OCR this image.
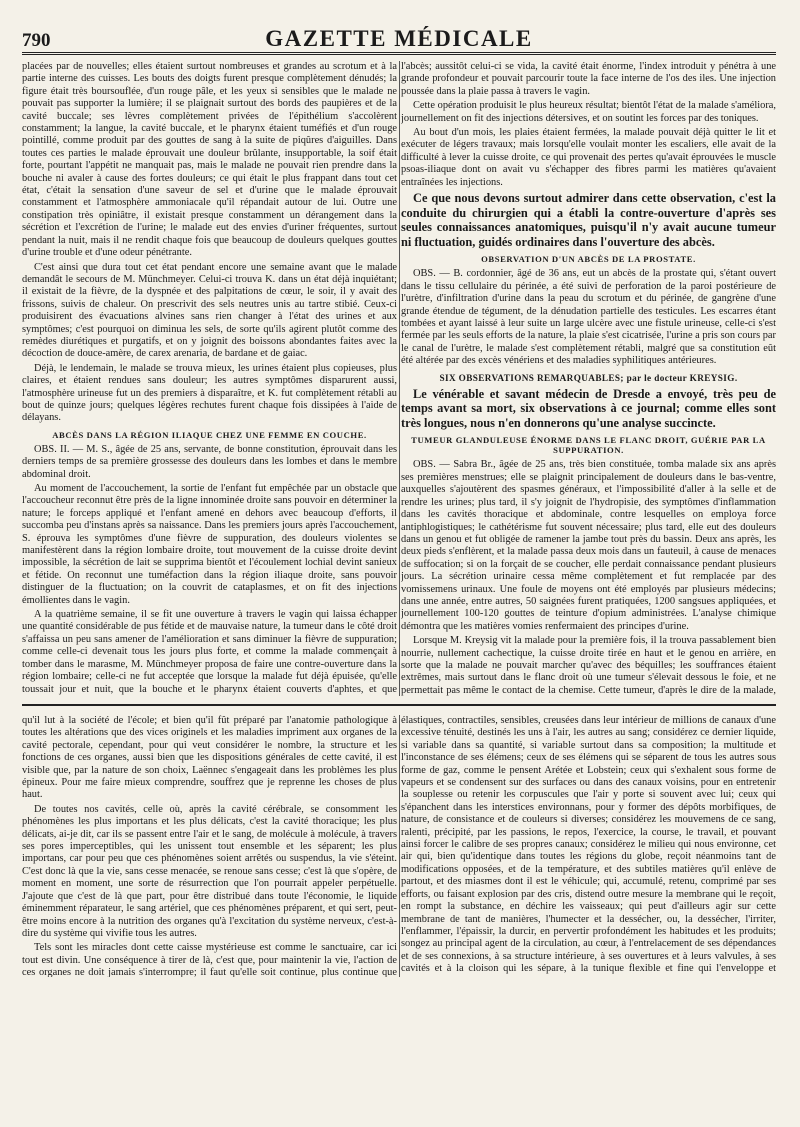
790	GAZETTE MÉDICALE

placées par de nouvelles; elles étaient surtout nombreuses et grandes au scrotum et à la partie interne des cuisses. Les bouts des doigts furent presque complètement dénudés; la figure était très boursouflée, d'un rouge pâle, et les yeux si sensibles que le malade ne pouvait pas supporter la lumière; il se plaignait surtout des bords des paupières et de la cavité buccale; ses lèvres complètement privées de l'épithélium s'accolèrent constamment; la langue, la cavité buccale, et le pharynx étaient tuméfiés et d'un rouge pointillé, comme produit par des gouttes de sang à la suite de piqûres d'aiguilles. Dans toutes ces parties le malade éprouvait une douleur brûlante, insupportable, la soif était forte, pourtant l'appétit ne manquait pas, mais le malade ne pouvait rien prendre dans la bouche ni avaler à cause des fortes douleurs; ce qui était le plus frappant dans tout cet état, c'était la sensation d'une saveur de sel et d'urine que le malade éprouvait constamment et l'atmosphère ammoniacale qu'il répandait autour de lui. Outre une constipation très opiniâtre, il existait presque constamment un dérangement dans la sécrétion et l'excrétion de l'urine; le malade eut des envies d'uriner fréquentes, surtout pendant la nuit, mais il ne rendit chaque fois que beaucoup de douleurs quelques gouttes d'urine trouble et d'une odeur pénétrante.

C'est ainsi que dura tout cet état pendant encore une semaine avant que le malade demandât le secours de M. Münchmeyer. Celui-ci trouva K. dans un état déjà inquiétant; il existait de la fièvre, de la dyspnée et des palpitations de cœur, le soir, il y avait des frissons, suivis de chaleur. On prescrivit des sels neutres unis au tartre stibié. Ceux-ci produisirent des évacuations alvines sans rien changer à l'état des urines et aux symptômes; c'est pourquoi on diminua les sels, de sorte qu'ils agirent plutôt comme des remèdes diurétiques et purgatifs, et on y joignit des boissons abondantes faites avec la décoction de douce-amère, de carex arenaria, de bardane et de gaiac.

Déjà, le lendemain, le malade se trouva mieux, les urines étaient plus copieuses, plus claires, et étaient rendues sans douleur; les autres symptômes disparurent aussi, l'atmosphère urineuse fut un des premiers à disparaître, et K. fut complètement rétabli au bout de quinze jours; quelques légères rechutes furent chaque fois dissipées à l'aide de délayans.

ABCÈS DANS LA RÉGION ILIAQUE CHEZ UNE FEMME EN COUCHE.

OBS. II. — M. S., âgée de 25 ans, servante, de bonne constitution, éprouvait dans les derniers temps de sa première grossesse des douleurs dans les lombes et dans le membre abdominal droit.

Au moment de l'accouchement, la sortie de l'enfant fut empêchée par un obstacle que l'accoucheur reconnut être près de la ligne innominée droite sans pouvoir en déterminer la nature; le forceps appliqué et l'enfant amené en dehors avec beaucoup d'efforts, il succomba peu d'instans après sa naissance. Dans les premiers jours après l'accouchement, S. éprouva les symptômes d'une fièvre de suppuration, des douleurs violentes se manifestèrent dans la région lombaire droite, tout mouvement de la cuisse droite devint impossible, la sécrétion de lait se supprima bientôt et l'écoulement lochial devint sanieux et fétide. On reconnut une tuméfaction dans la région iliaque droite, sans pouvoir distinguer de la fluctuation; on la couvrit de cataplasmes, et on fit des injections émollientes dans le vagin.

A la quatrième semaine, il se fit une ouverture à travers le vagin qui laissa échapper une quantité considérable de pus fétide et de mauvaise nature, la tumeur dans le côté droit s'affaissa un peu sans amener de l'amélioration et sans diminuer la fièvre de suppuration; comme celle-ci devenait tous les jours plus forte, et comme la malade commençait à tomber dans le marasme, M. Münchmeyer proposa de faire une contre-ouverture dans la région lombaire; celle-ci ne fut acceptée que lorsque la malade fut déjà épuisée, qu'elle toussait jour et nuit, que la bouche et le pharynx étaient couverts d'aphtes, et que

l'abcès; aussitôt celui-ci se vida, la cavité était énorme, l'index introduit y pénétra à une grande profondeur et pouvait parcourir toute la face interne de l'os des iles. Une injection poussée dans la plaie passa à travers le vagin.

Cette opération produisit le plus heureux résultat; bientôt l'état de la malade s'améliora, journellement on fit des injections détersives, et on soutint les forces par des toniques.

Au bout d'un mois, les plaies étaient fermées, la malade pouvait déjà quitter le lit et exécuter de légers travaux; mais lorsqu'elle voulait monter les escaliers, elle avait de la difficulté à lever la cuisse droite, ce qui provenait des pertes qu'avait éprouvées le muscle psoas-iliaque dont on avait vu s'échapper des fibres parmi les matières qu'avaient entraînées les injections.

Ce que nous devons surtout admirer dans cette observation, c'est la conduite du chirurgien qui a établi la contre-ouverture d'après ses seules connaissances anatomiques, puisqu'il n'y avait aucune tumeur ni fluctuation, guidés ordinaires dans l'ouverture des abcès.

OBSERVATION D'UN ABCÈS DE LA PROSTATE.

OBS. — B. cordonnier, âgé de 36 ans, eut un abcès de la prostate qui, s'étant ouvert dans le tissu cellulaire du périnée, a été suivi de perforation de la paroi postérieure de l'urètre, d'infiltration d'urine dans la peau du scrotum et du périnée, de gangrène d'une grande étendue de tégument, de la dénudation partielle des testicules. Les escarres étant tombées et ayant laissé à leur suite un large ulcère avec une fistule urineuse, celle-ci s'est fermée par les seuls efforts de la nature, la plaie s'est cicatrisée, l'urine a pris son cours par le canal de l'urètre, le malade s'est complètement rétabli, malgré que sa constitution eût été altérée par des excès vénériens et des maladies syphilitiques antérieures.

SIX OBSERVATIONS REMARQUABLES; par le docteur KREYSIG.

Le vénérable et savant médecin de Dresde a envoyé, très peu de temps avant sa mort, six observations à ce journal; comme elles sont très longues, nous n'en donnerons qu'une analyse succincte.

TUMEUR GLANDULEUSE ÉNORME DANS LE FLANC DROIT, GUÉRIE PAR LA SUPPURATION.

OBS. — Sabra Br., âgée de 25 ans, très bien constituée, tomba malade six ans après ses premières menstrues; elle se plaignit principalement de douleurs dans le bas-ventre, auxquelles s'ajoutèrent des spasmes généraux, et l'impossibilité d'aller à la selle et de rendre les urines; plus tard, il s'y joignit de l'hydropisie, des symptômes d'inflammation dans les cavités thoracique et abdominale, contre lesquelles on employa force antiphlogistiques; le cathétérisme fut souvent nécessaire; plus tard, elle eut des douleurs dans un genou et fut obligée de ramener la jambe tout près du bassin. Deux ans après, les deux pieds s'enflèrent, et la malade passa deux mois dans un fauteuil, à cause de menaces de suffocation; si on la forçait de se coucher, elle perdait connaissance pendant plusieurs jours. La sécrétion urinaire cessa même complètement et fut remplacée par des vomissemens urinaux. Une foule de moyens ont été employés par plusieurs médecins; dans une année, entre autres, 50 saignées furent pratiquées, 1200 sangsues appliquées, et journellement 100-120 gouttes de teinture d'opium administrées. L'analyse chimique démontra que les matières vomies renfermaient des principes d'urine.

Lorsque M. Kreysig vit la malade pour la première fois, il la trouva passablement bien nourrie, nullement cachectique, la cuisse droite tirée en haut et le genou en arrière, en sorte que la malade ne pouvait marcher qu'avec des béquilles; les souffrances étaient extrêmes, mais surtout dans le flanc droit où une tumeur s'élevait dessous le foie, et ne permettait pas même le contact de la chemise. Cette tumeur, d'après le dire de la malade,

qu'il lut à la société de l'école; et bien qu'il fût préparé par l'anatomie pathologique à toutes les altérations que des vices originels et les maladies impriment aux organes de la cavité pectorale, cependant, pour qui veut considérer le nombre, la structure et les fonctions de ces organes, aussi bien que les dispositions générales de cette cavité, il est visible que, par la nature de son choix, Laënnec s'engageait dans les problèmes les plus épineux. Pour me faire mieux comprendre, souffrez que je reprenne les choses de plus haut.

De toutes nos cavités, celle où, après la cavité cérébrale, se consomment les phénomènes les plus importans et les plus délicats, c'est la cavité thoracique; les plus délicats, ai-je dit, car ils se passent entre l'air et le sang, de molécule à molécule, à travers ses pores imperceptibles, qui les unissent tout ensemble et les séparent; les plus importans, car pour peu que ces phénomènes soient arrêtés ou suspendus, la vie s'éteint. C'est donc là que la vie, sans cesse menacée, se renoue sans cesse; c'est là que s'opère, de moment en moment, une sorte de résurrection que l'on pourrait appeler perpétuelle. J'ajoute que c'est de là que part, pour être distribué dans toute l'économie, le liquide éminemment réparateur, le sang artériel, que ces phénomènes préparent, et qui sert, peut-être moins encore à la nutrition des organes qu'à l'excitation du système nerveux, c'est-à-dire du système qui vivifie tous les autres.

Tels sont les miracles dont cette caisse mystérieuse est comme le sanctuaire, car ici tout est divin. Une conséquence à tirer de là, c'est que, pour maintenir la vie, l'action de ces organes ne doit jamais s'interrompre; il faut qu'elle soit continue, plus continue que

élastiques, contractiles, sensibles, creusées dans leur intérieur de millions de canaux d'une excessive ténuité, destinés les uns à l'air, les autres au sang; considérez ce dernier liquide, si variable dans sa quantité, si variable surtout dans sa composition; la multitude et l'inconstance de ses élémens; ceux de ses élémens qui se séparent de tous les autres sous forme de gaz, comme le pensent Arétée et Lobstein; ceux qui s'exhalent sous forme de vapeurs et se condensent sur des surfaces ou dans des canaux voisins, pour en entretenir la souplesse ou retenir les corpuscules que l'air y porte si souvent avec lui; ceux qui s'épanchent dans les interstices environnans, pour y former des dépôts morbifiques, de nature, de consistance et de couleurs si diverses; considérez les mouvemens de ce sang, ralenti, précipité, par les passions, le repos, l'exercice, la course, le travail, et pouvant ainsi forcer le calibre de ses propres canaux; considérez le milieu qui nous environne, cet air qui, bien qu'identique dans toutes les régions du globe, reçoit néanmoins tant de modifications opposées, et de la température, et des subtiles matières qu'il enlève de partout, et des miasmes dont il est le véhicule; qui, accumulé, retenu, comprimé par ses efforts, ou faisant explosion par des cris, distend outre mesure la membrane qui le reçoit, en rompt la substance, en déchire les vaisseaux; qui peut d'ailleurs agir sur cette membrane de tant de manières, l'humecter et la dessécher, ou, la dessécher, l'irriter, l'enflammer, l'épaissir, la durcir, en pervertir profondément les habitudes et les produits; songez au principal agent de la circulation, au cœur, à l'entrelacement de ses dépendances et de ses connexions, à sa structure intérieure, à ses ouvertures et à leurs valvules, à ses cavités et à la cloison qui les sépare, à la tunique flexible et fine qui l'enveloppe et
